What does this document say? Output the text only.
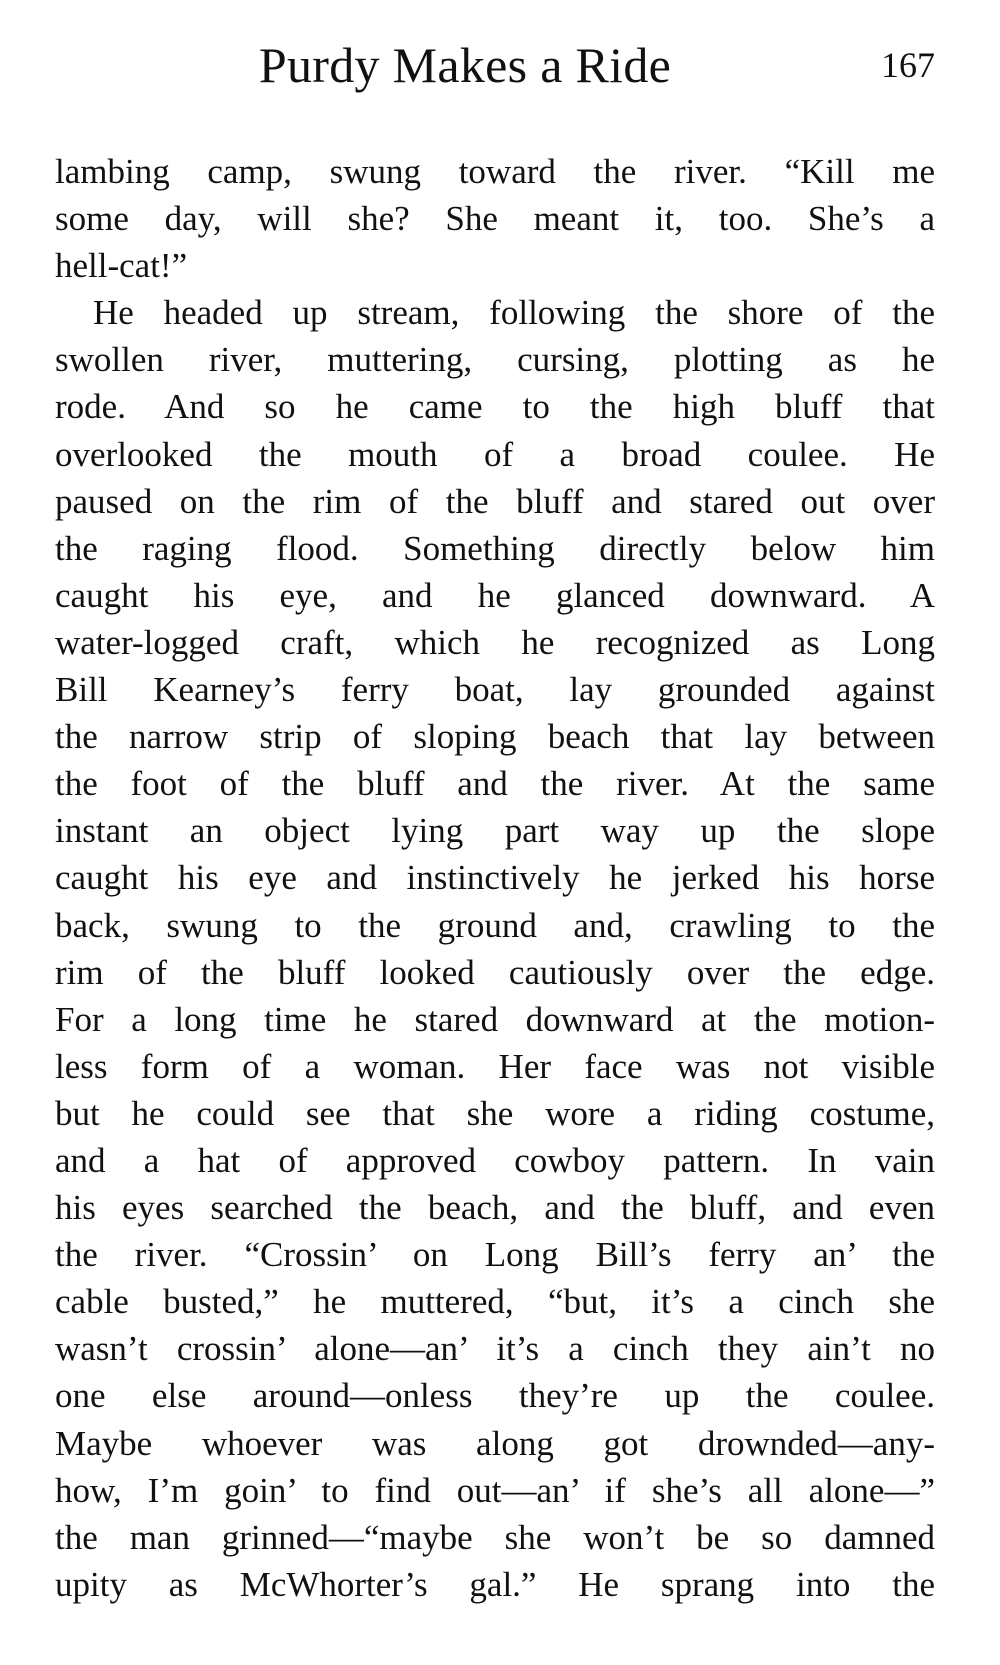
Purdy Makes a Ride	167
lambing camp, swung toward the river. “Kill me
some day, will she? She meant it, too. She’s a
hell-cat!”
He headed up stream, following the shore of the
swollen river, muttering, cursing, plotting as he
rode. And so he came to the high bluff that
overlooked the mouth of a broad coulee. He
paused on the rim of the bluff and stared out over
the raging flood. Something directly below him
caught his eye, and he glanced downward. A
water-logged craft, which he recognized as Long
Bill Kearney’s ferry boat, lay grounded against
the narrow strip of sloping beach that lay between
the foot of the bluff and the river. At the same
instant an object lying part way up the slope
caught his eye and instinctively he jerked his horse
back, swung to the ground and, crawling to the
rim of the bluff looked cautiously over the edge.
For a long time he stared downward at the motion-
less form of a woman. Her face was not visible
but he could see that she wore a riding costume,
and a hat of approved cowboy pattern. In vain
his eyes searched the beach, and the bluff, and even
the river. “Crossin’ on Long Bill’s ferry an’ the
cable busted,” he muttered, “but, it’s a cinch she
wasn’t crossin’ alone—an’ it’s a cinch they ain’t no
one else around—onless they’re up the coulee.
Maybe whoever was along got drownded—any-
how, I’m goin’ to find out—an’ if she’s all alone—”
the man grinned—“maybe she won’t be so damned
upity as McWhorter’s gal.” He sprang into the
